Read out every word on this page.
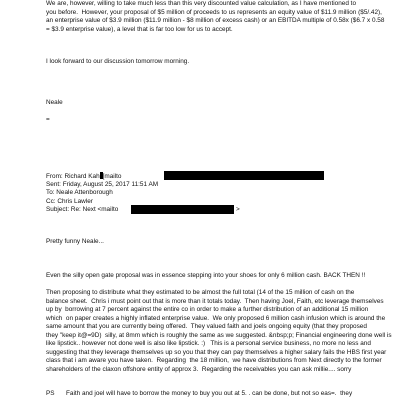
We are, however, willing to take much less than this very discounted value calculation, as I have mentioned to

you before.  However, your proposal of $5 million of proceeds to us represents an equity value of $11.9 million ($5/.42),

an enterprise value of $3.9 million ($11.9 million - $8 million of excess cash) or an EBITDA multiple of 0.58x ($6.7 x 0.58

= $3.9 enterprise value), a level that is far too low for us to accept.

I look forward to our discussion tomorrow morning.

Neale

=

From: Richard Kah [mailto

Sent: Friday, August 25, 2017 11:51 AM

To: Neale Attenborough

Cc: Chris Lawler

Subject: Re: Next <mailto	>

Pretty funny Neale...

Even the silly open gate proposal was in essence stepping into your shoes for only 6 million cash. BACK THEN !!

Then proposing to distribute what they estimated to be almost the full total (14 of the 15 million of cash on the

balance sheet.  Chris i must point out that is more than it totals today.  Then having Joel, Faith, etc leverage themselves

up by  borrowing at 7 percent against the entire co in order to make a further distribution of an additional 15 million

which  on paper creates a highly inflated enterprise value.  We only proposed 6 million cash infusion which is around the

same amount that you are currently being offered.  They valued faith and joels ongoing equity (that they proposed

they "keep it@=9D)  silly, at 8mm which is roughly the same as we suggested. &nbsp;p; Financial engineering done well is

like lipstick.. however not done well is also like lipstick. :)   This is a personal service business, no more no less and

suggesting that they leverage themselves up so you that they can pay themselves a higher salary fails the HBS first year

class that i am aware you have taken.  Regarding  the 18 million,  we have distributions from Next directly to the former

shareholders of the claxon offshore entity of approx 3.  Regarding the receivables you can ask millie.... sorry

PS Faith and joel will have to borrow the money to buy you out at 5. . can be done, but not so eas=.  they
